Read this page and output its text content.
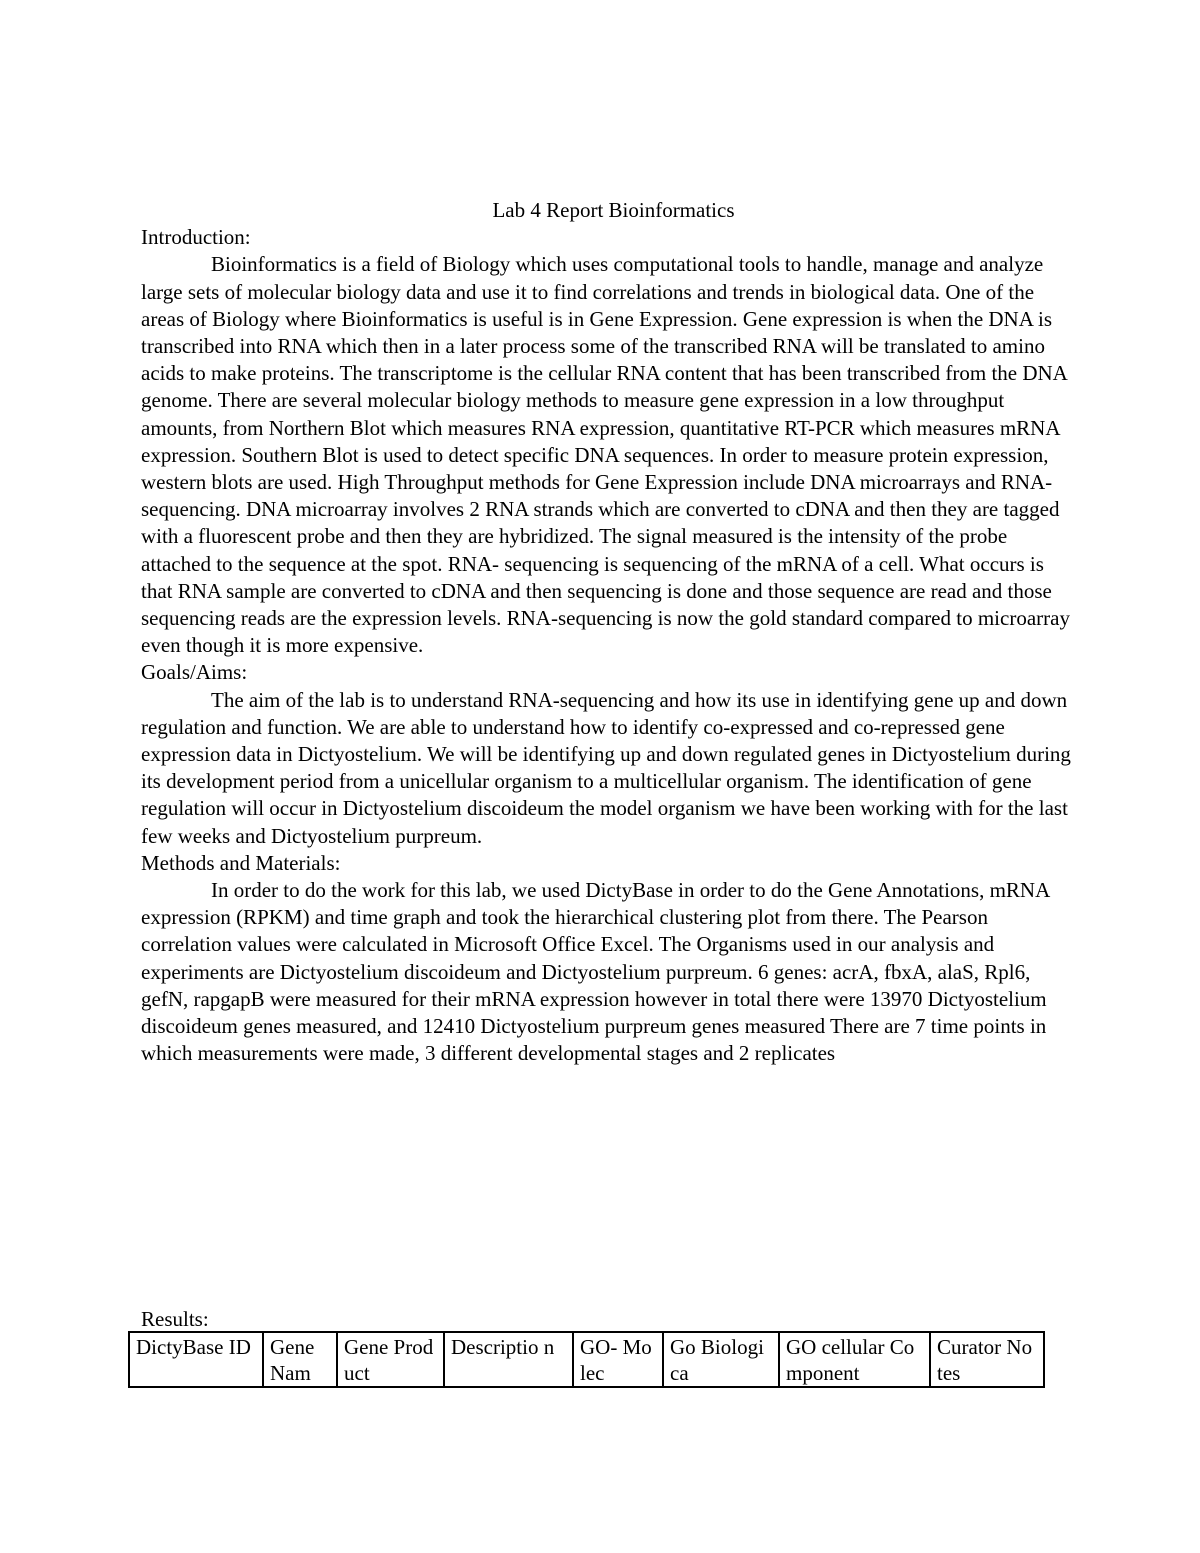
Lab 4 Report Bioinformatics
Introduction:

Bioinformatics is a field of Biology which uses computational tools to handle, manage and analyze large sets of molecular biology data and use it to find correlations and trends in biological data. One of the areas of Biology where Bioinformatics is useful is in Gene Expression. Gene expression is when the DNA is transcribed into RNA which then in a later process some of the transcribed RNA will be translated to amino acids to make proteins. The transcriptome is the cellular RNA content that has been transcribed from the DNA genome. There are several molecular biology methods to measure gene expression in a low throughput amounts, from Northern Blot which measures RNA expression, quantitative RT-PCR which measures mRNA expression. Southern Blot is used to detect specific DNA sequences. In order to measure protein expression, western blots are used. High Throughput methods for Gene Expression include DNA microarrays and RNA-sequencing. DNA microarray involves 2 RNA strands which are converted to cDNA and then they are tagged with a fluorescent probe and then they are hybridized. The signal measured is the intensity of the probe attached to the sequence at the spot. RNA- sequencing is sequencing of the mRNA of a cell. What occurs is that RNA sample are converted to cDNA and then sequencing is done and those sequence are read and those sequencing reads are the expression levels. RNA-sequencing is now the gold standard compared to microarray even though it is more expensive.

Goals/Aims:

The aim of the lab is to understand RNA-sequencing and how its use in identifying gene up and down regulation and function. We are able to understand how to identify co-expressed and co-repressed gene expression data in Dictyostelium. We will be identifying up and down regulated genes in Dictyostelium during its development period from a unicellular organism to a multicellular organism. The identification of gene regulation will occur in Dictyostelium discoideum the model organism we have been working with for the last few weeks and Dictyostelium purpreum.

Methods and Materials:

In order to do the work for this lab, we used DictyBase in order to do the Gene Annotations, mRNA expression (RPKM) and time graph and took the hierarchical clustering plot from there. The Pearson correlation values were calculated in Microsoft Office Excel. The Organisms used in our analysis and experiments are Dictyostelium discoideum and Dictyostelium purpreum. 6 genes: acrA, fbxA, alaS, Rpl6, gefN, rapgapB were measured for their mRNA expression however in total there were 13970 Dictyostelium discoideum genes measured, and 12410 Dictyostelium purpreum genes measured There are 7 time points in which measurements were made, 3 different developmental stages and 2 replicates

Results:
DictyBase ID	Gene Nam	Gene Product	Descriptio n	GO- Molec	Go Biologica	GO cellular Component	Curator Notes
